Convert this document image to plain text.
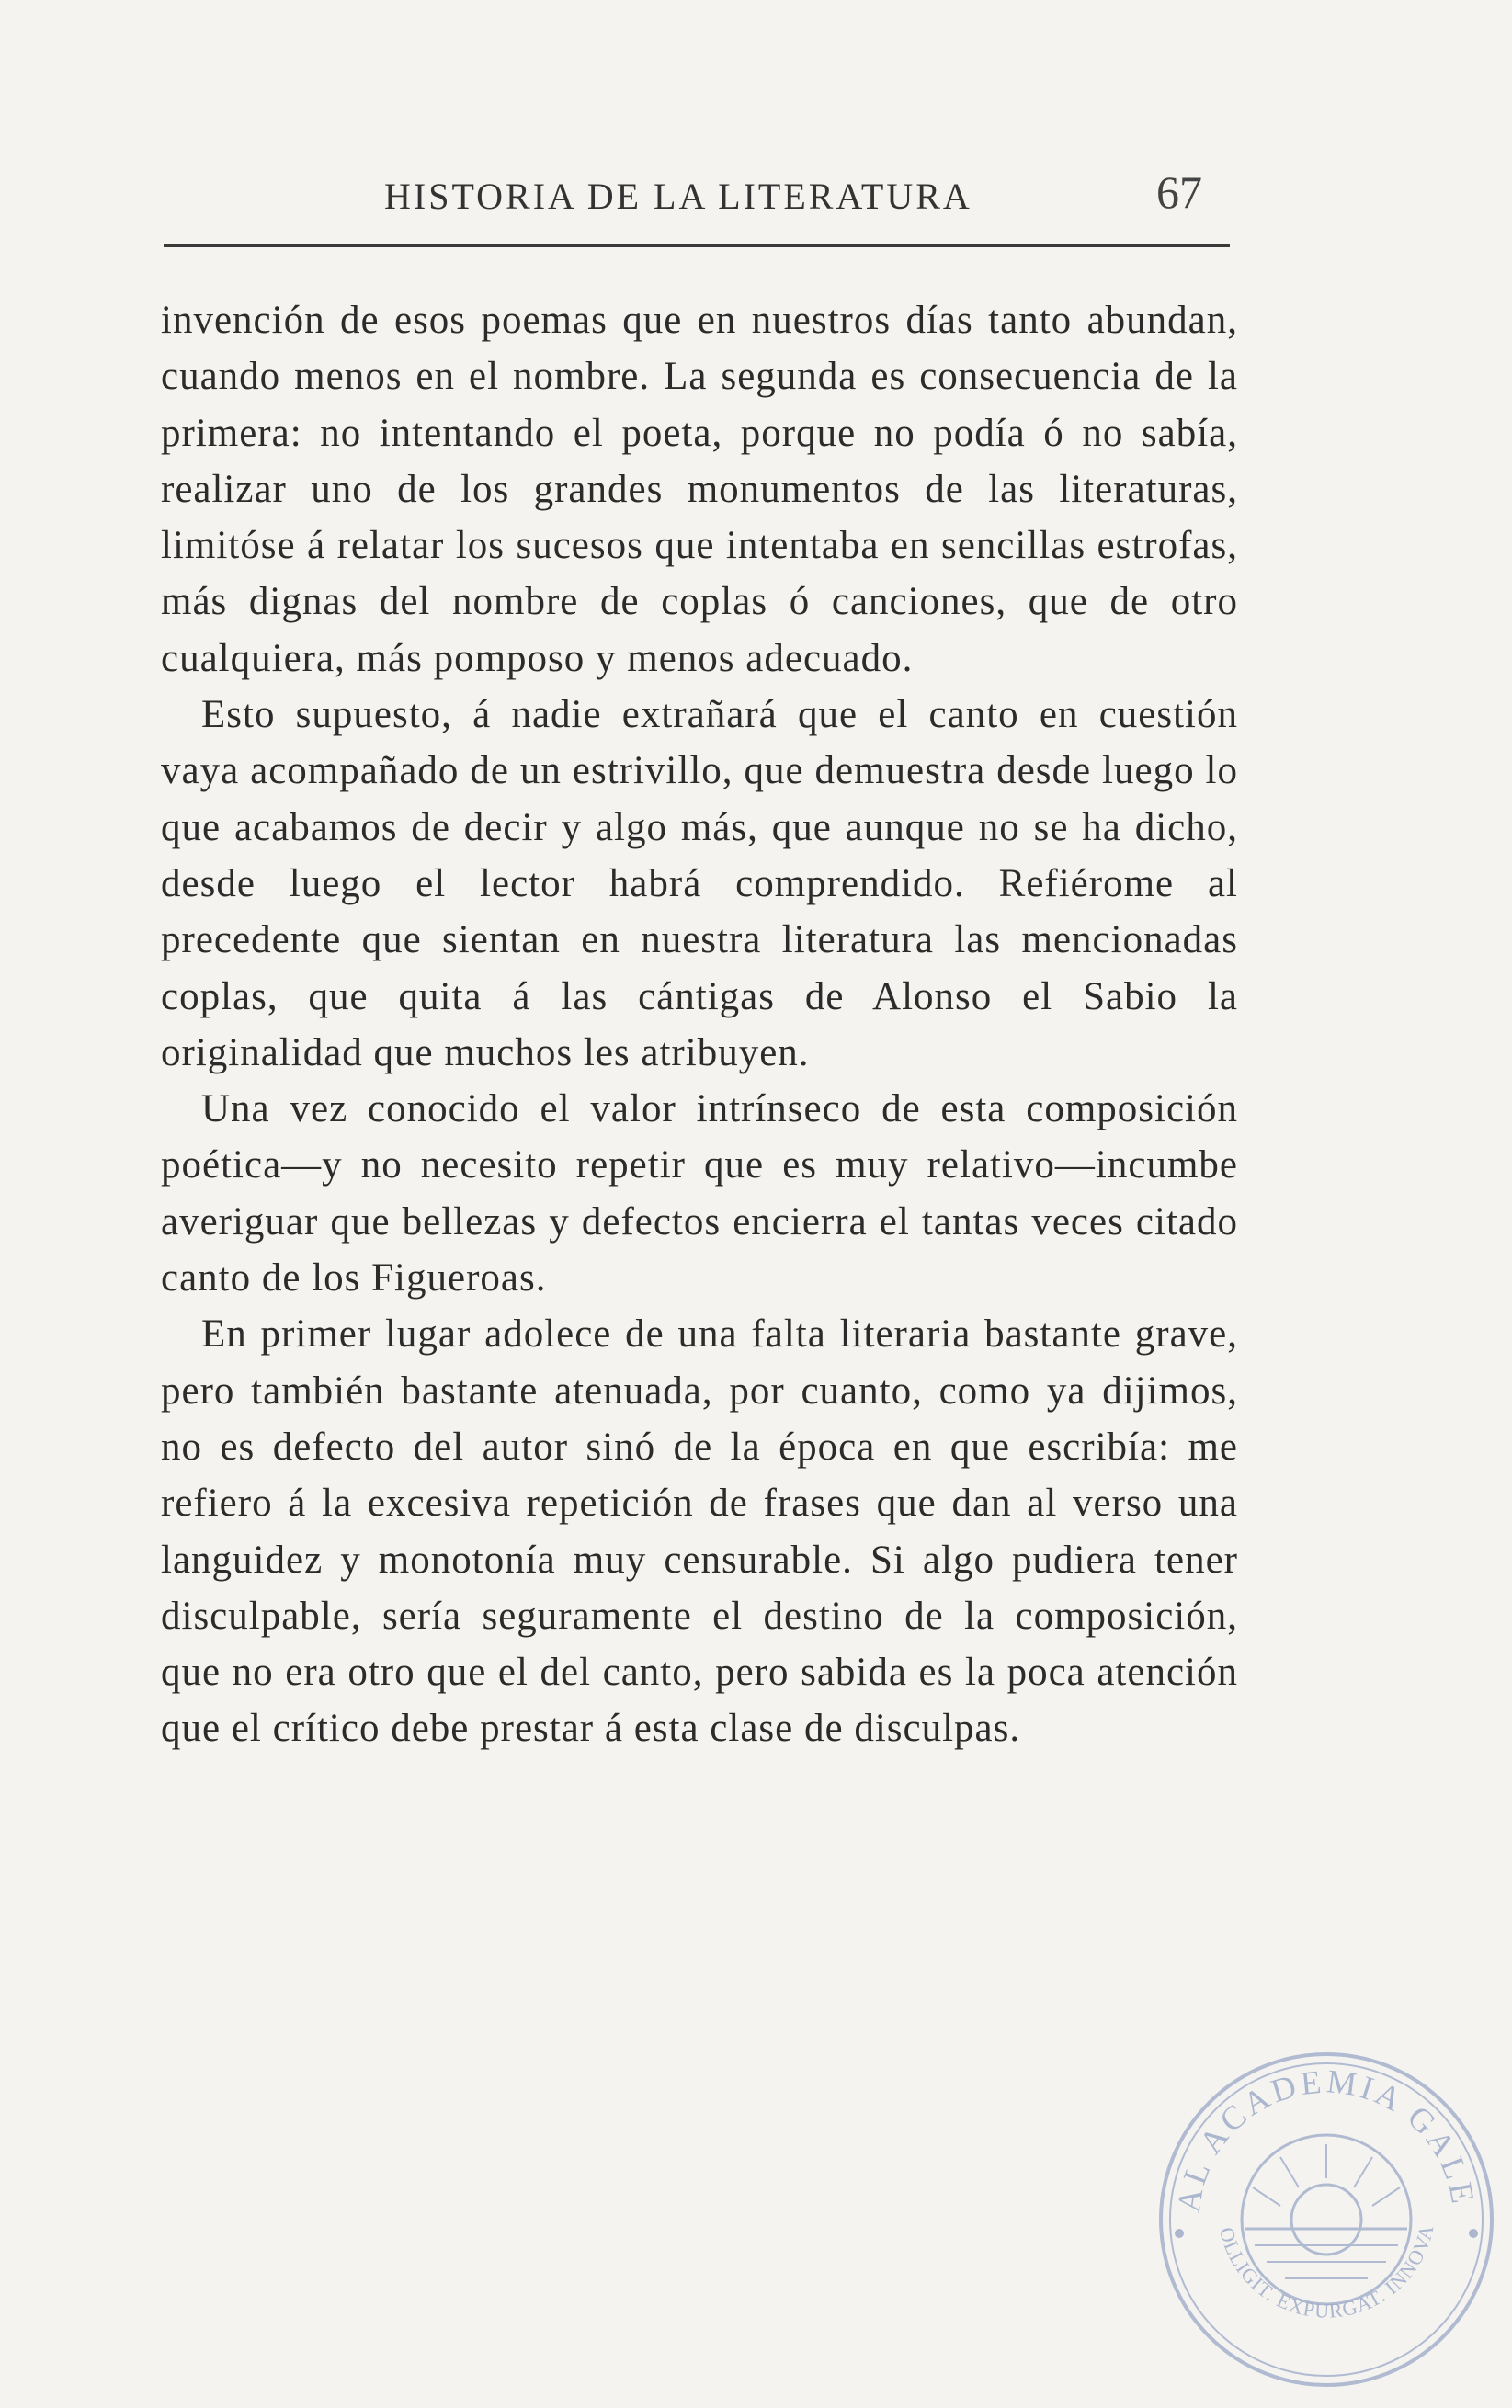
HISTORIA DE LA LITERATURA	67

invención de esos poemas que en nuestros días tanto abundan, cuando menos en el nombre. La segunda es consecuencia de la primera: no intentando el poeta, porque no podía ó no sabía, realizar uno de los grandes monumentos de las literaturas, limitóse á relatar los sucesos que intentaba en sencillas estrofas, más dignas del nombre de coplas ó canciones, que de otro cualquiera, más pomposo y menos adecuado.

Esto supuesto, á nadie extrañará que el canto en cuestión vaya acompañado de un estrivillo, que demuestra desde luego lo que acabamos de decir y algo más, que aunque no se ha dicho, desde luego el lector habrá comprendido. Refiérome al precedente que sientan en nuestra literatura las mencionadas coplas, que quita á las cántigas de Alonso el Sabio la originalidad que muchos les atribuyen.

Una vez conocido el valor intrínseco de esta composición poética—y no necesito repetir que es muy relativo—incumbe averiguar que bellezas y defectos encierra el tantas veces citado canto de los Figueroas.

En primer lugar adolece de una falta literaria bastante grave, pero también bastante atenuada, por cuanto, como ya dijimos, no es defecto del autor sinó de la época en que escribía: me refiero á la excesiva repetición de frases que dan al verso una languidez y monotonía muy censurable. Si algo pudiera tener disculpable, sería seguramente el destino de la composición, que no era otro que el del canto, pero sabida es la poca atención que el crítico debe prestar á esta clase de disculpas.

AL ACADEMIA GALE
OLLIGIT. EXPURGAT. INNOVA
